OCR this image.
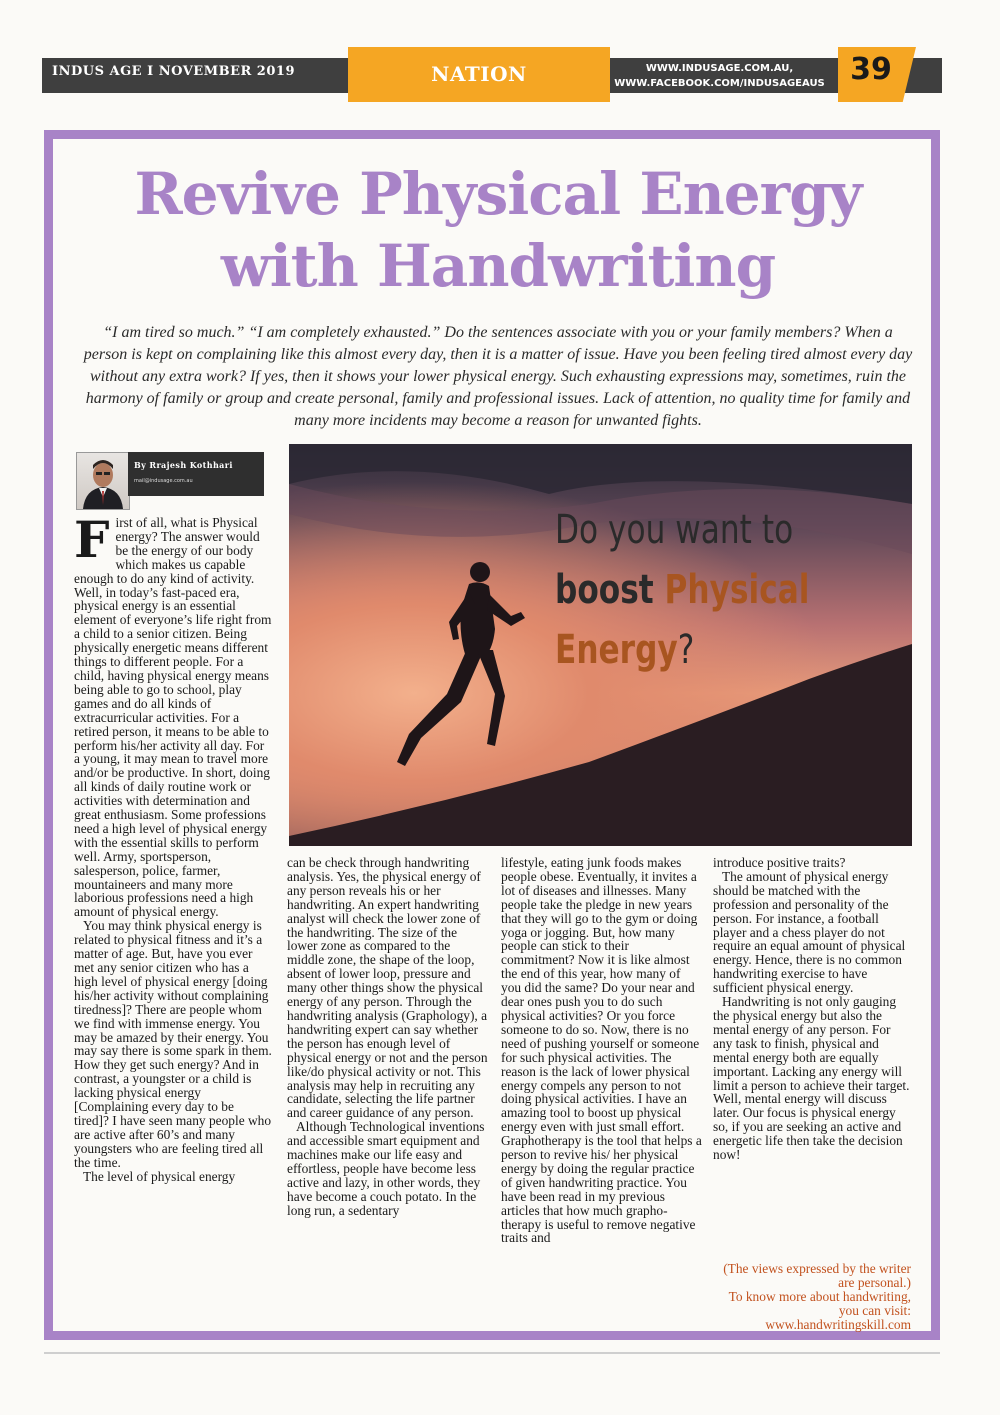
INDUS AGE I NOVEMBER 2019	NATION	WWW.INDUSAGE.COM.AU,
WWW.FACEBOOK.COM/INDUSAGEAUS 39
Revive Physical Energy
with Handwriting

“I am tired so much.” “I am completely exhausted.” Do the sentences associate with you or your family members? When a person is kept on complaining like this almost every day, then it is a matter of issue. Have you been feeling tired almost every day without any extra work? If yes, then it shows your lower physical energy. Such exhausting expressions may, sometimes, ruin the harmony of family or group and create personal, family and professional issues. Lack of attention, no quality time for family and many more incidents may become a reason for unwanted fights.

By Rrajesh Kothhari
mail@indusage.com.au
Do you want to
boost Physical
Energy?

First of all, what is Physical energy? The answer would be the energy of our body which makes us capable enough to do any kind of activity. Well, in today’s fast-paced era, physical energy is an essential element of everyone’s life right from a child to a senior citizen. Being physically energetic means different things to different people. For a child, having physical energy means being able to go to school, play games and do all kinds of extracurricular activities. For a retired person, it means to be able to perform his/her activity all day. For a young, it may mean to travel more and/or be productive. In short, doing all kinds of daily routine work or activities with determination and great enthusiasm. Some professions need a high level of physical energy with the essential skills to perform well. Army, sportsperson, salesperson, police, farmer, mountaineers and many more laborious professions need a high amount of physical energy.

You may think physical energy is related to physical fitness and it’s a matter of age. But, have you ever met any senior citizen who has a high level of physical energy [doing his/her activity without complaining tiredness]? There are people whom we find with immense energy. You may be amazed by their energy. You may say there is some spark in them. How they get such energy? And in contrast, a youngster or a child is lacking physical energy [Complaining every day to be tired]? I have seen many people who are active after 60’s and many youngsters who are feeling tired all the time.

The level of physical energy

can be check through handwriting analysis. Yes, the physical energy of any person reveals his or her handwriting. An expert handwriting analyst will check the lower zone of the handwriting. The size of the lower zone as compared to the middle zone, the shape of the loop, absent of lower loop, pressure and many other things show the physical energy of any person. Through the handwriting analysis (Graphology), a handwriting expert can say whether the person has enough level of physical energy or not and the person like/do physical activity or not. This analysis may help in recruiting any candidate, selecting the life partner and career guidance of any person.

Although Technological inventions and accessible smart equipment and machines make our life easy and effortless, people have become less active and lazy, in other words, they have become a couch potato. In the long run, a sedentary

lifestyle, eating junk foods makes people obese. Eventually, it invites a lot of diseases and illnesses. Many people take the pledge in new years that they will go to the gym or doing yoga or jogging. But, how many people can stick to their commitment? Now it is like almost the end of this year, how many of you did the same? Do your near and dear ones push you to do such physical activities? Or you force someone to do so. Now, there is no need of pushing yourself or someone for such physical activities. The reason is the lack of lower physical energy compels any person to not doing physical activities. I have an amazing tool to boost up physical energy even with just small effort. Graphotherapy is the tool that helps a person to revive his/ her physical energy by doing the regular practice of given handwriting practice. You have been read in my previous articles that how much grapho-therapy is useful to remove negative traits and

introduce positive traits?

The amount of physical energy should be matched with the profession and personality of the person. For instance, a football player and a chess player do not require an equal amount of physical energy. Hence, there is no common handwriting exercise to have sufficient physical energy.

Handwriting is not only gauging the physical energy but also the mental energy of any person. For any task to finish, physical and mental energy both are equally important. Lacking any energy will limit a person to achieve their target. Well, mental energy will discuss later. Our focus is physical energy so, if you are seeking an active and energetic life then take the decision now!

(The views expressed by the writer are personal.)
To know more about handwriting, you can visit: www.handwritingskill.com
